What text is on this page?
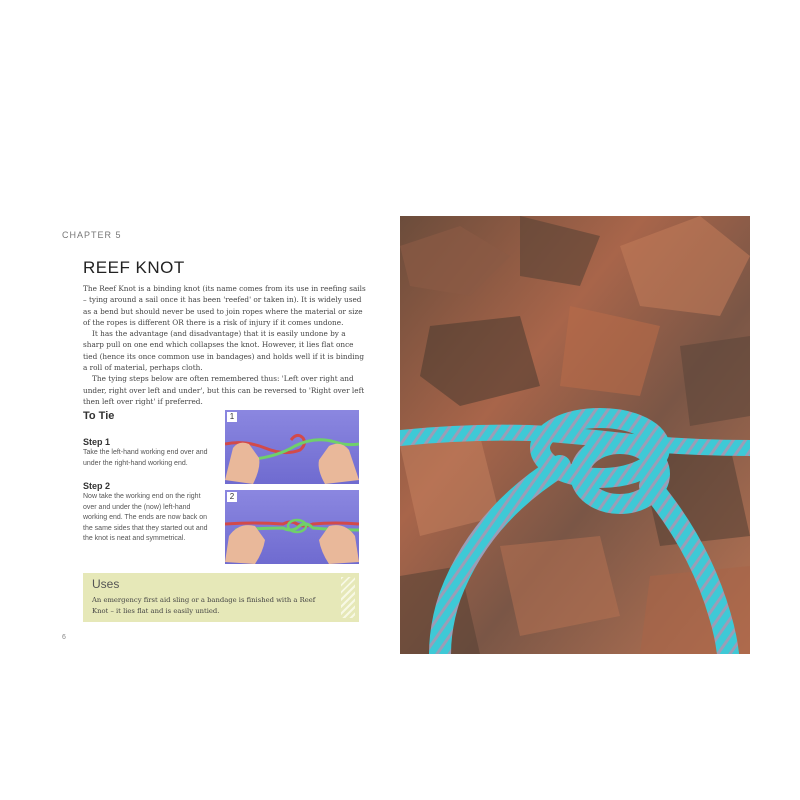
CHAPTER 5
REEF KNOT

The Reef Knot is a binding knot (its name comes from its use in reefing sails – tying around a sail once it has been 'reefed' or taken in). It is widely used as a bend but should never be used to join ropes where the material or size of the ropes is different OR there is a risk of injury if it comes undone.

It has the advantage (and disadvantage) that it is easily undone by a sharp pull on one end which collapses the knot. However, it lies flat once tied (hence its once common use in bandages) and holds well if it is binding a roll of material, perhaps cloth.

The tying steps below are often remembered thus: 'Left over right and under, right over left and under', but this can be reversed to 'Right over left then left over right' if preferred.

To Tie
Step 1
Take the left-hand working end over and under the right-hand working end.
Step 2
Now take the working end on the right over and under the (now) left-hand working end. The ends are now back on the same sides that they started out and the knot is neat and symmetrical.
1
2
Uses
An emergency first aid sling or a bandage is finished with a Reef Knot – it lies flat and is easily untied.
6
